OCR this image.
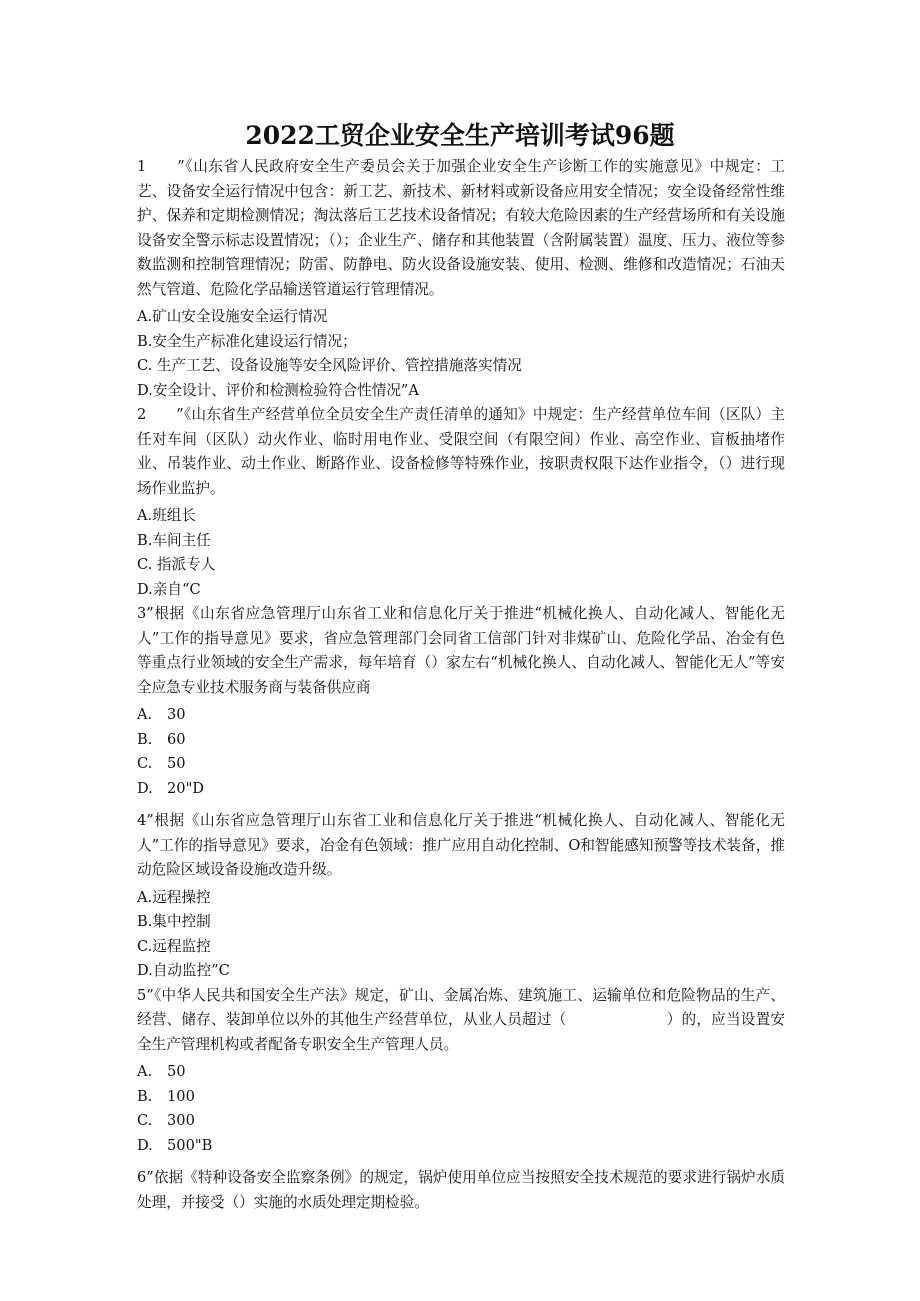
2022工贸企业安全生产培训考试96题
1　　”《山东省人民政府安全生产委员会关于加强企业安全生产诊断工作的实施意见》中规定：工艺、设备安全运行情况中包含：新工艺、新技术、新材料或新设备应用安全情况；安全设备经常性维护、保养和定期检测情况；淘汰落后工艺技术设备情况；有较大危险因素的生产经营场所和有关设施设备安全警示标志设置情况；（）；企业生产、储存和其他装置（含附属装置）温度、压力、液位等参数监测和控制管理情况；防雷、防静电、防火设备设施安装、使用、检测、维修和改造情况；石油天然气管道、危险化学品输送管道运行管理情况。
A.矿山安全设施安全运行情况
B.安全生产标准化建设运行情况；
C. 生产工艺、设备设施等安全风险评价、管控措施落实情况
D.安全设计、评价和检测检验符合性情况”A
2　　”《山东省生产经营单位全员安全生产责任清单的通知》中规定：生产经营单位车间（区队）主任对车间（区队）动火作业、临时用电作业、受限空间（有限空间）作业、高空作业、盲板抽堵作业、吊装作业、动土作业、断路作业、设备检修等特殊作业，按职责权限下达作业指令，（）进行现场作业监护。
A.班组长
B.车间主任
C. 指派专人
D.亲自“C
3”根据《山东省应急管理厅山东省工业和信息化厅关于推进“机械化换人、自动化减人、智能化无人”工作的指导意见》要求，省应急管理部门会同省工信部门针对非煤矿山、危险化学品、冶金有色等重点行业领域的安全生产需求，每年培育（）家左右“机械化换人、自动化减人、智能化无人”等安全应急专业技术服务商与装备供应商
A. 30
B. 60
C. 50
D. 20"D
4”根据《山东省应急管理厅山东省工业和信息化厅关于推进“机械化换人、自动化减人、智能化无人”工作的指导意见》要求，冶金有色领域：推广应用自动化控制、O和智能感知预警等技术装备，推动危险区域设备设施改造升级。
A.远程操控
B.集中控制
C.远程监控
D.自动监控”C
5”《中华人民共和国安全生产法》规定，矿山、金属冶炼、建筑施工、运输单位和危险物品的生产、经营、储存、装卸单位以外的其他生产经营单位，从业人员超过（	）的，应当设置安全生产管理机构或者配备专职安全生产管理人员。
A. 50
B. 100
C. 300
D. 500"B
6”依据《特种设备安全监察条例》的规定，锅炉使用单位应当按照安全技术规范的要求进行锅炉水质处理，并接受（）实施的水质处理定期检验。
